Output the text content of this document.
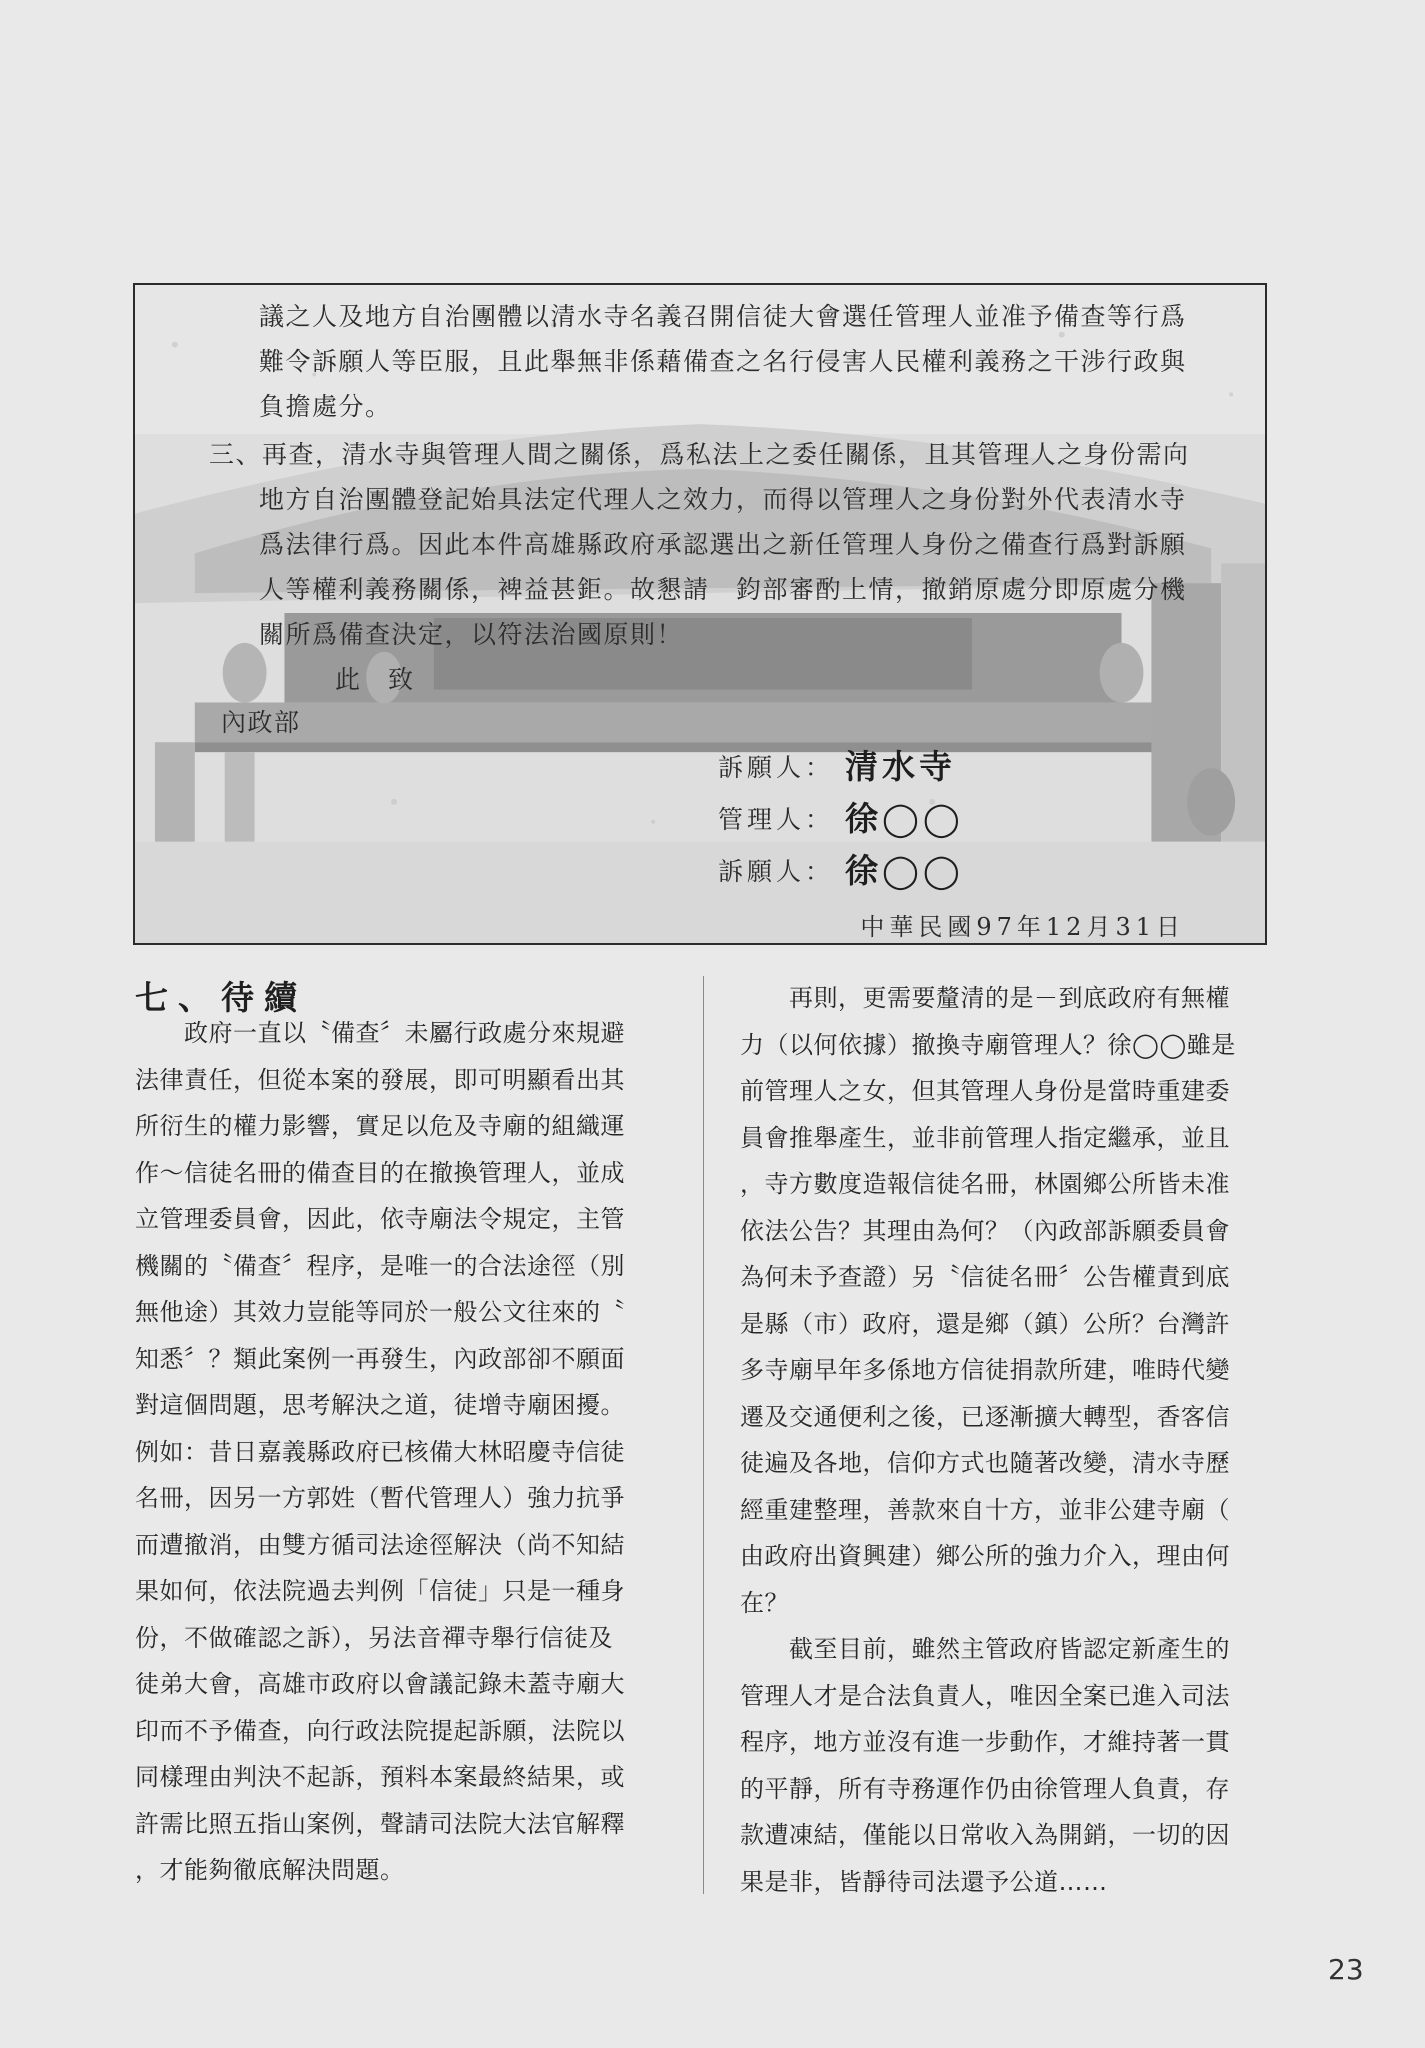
議之人及地方自治團體以清水寺名義召開信徒大會選任管理人並准予備查等行爲
難令訴願人等臣服，且此舉無非係藉備查之名行侵害人民權利義務之干涉行政與
負擔處分。
三、再查，清水寺與管理人間之關係，爲私法上之委任關係，且其管理人之身份需向
地方自治團體登記始具法定代理人之效力，而得以管理人之身份對外代表清水寺
爲法律行爲。因此本件高雄縣政府承認選出之新任管理人身份之備查行爲對訴願
人等權利義務關係，裨益甚鉅。故懇請　鈞部審酌上情，撤銷原處分即原處分機
關所爲備查決定，以符法治國原則！
此　致
內政部
訴願人： 清水寺
管理人： 徐◯◯
訴願人： 徐◯◯
中華民國97年12月31日
七、待續
　　政府一直以〝備查〞未屬行政處分來規避
法律責任，但從本案的發展，即可明顯看出其
所衍生的權力影響，實足以危及寺廟的組織運
作～信徒名冊的備查目的在撤換管理人，並成
立管理委員會，因此，依寺廟法令規定，主管
機關的〝備查〞程序，是唯一的合法途徑（別
無他途）其效力豈能等同於一般公文往來的〝
知悉〞？類此案例一再發生，內政部卻不願面
對這個問題，思考解決之道，徒增寺廟困擾。
例如：昔日嘉義縣政府已核備大林昭慶寺信徒
名冊，因另一方郭姓（暫代管理人）強力抗爭
而遭撤消，由雙方循司法途徑解決（尚不知結
果如何，依法院過去判例「信徒」只是一種身
份，不做確認之訴），另法音禪寺舉行信徒及
徒弟大會，高雄市政府以會議記錄未蓋寺廟大
印而不予備查，向行政法院提起訴願，法院以
同樣理由判決不起訴，預料本案最終結果，或
許需比照五指山案例，聲請司法院大法官解釋
，才能夠徹底解決問題。
　　再則，更需要釐清的是－到底政府有無權
力（以何依據）撤換寺廟管理人？徐◯◯雖是
前管理人之女，但其管理人身份是當時重建委
員會推舉產生，並非前管理人指定繼承，並且
，寺方數度造報信徒名冊，林園鄉公所皆未准
依法公告？其理由為何？（內政部訴願委員會
為何未予查證）另〝信徒名冊〞公告權責到底
是縣（市）政府，還是鄉（鎮）公所？台灣許
多寺廟早年多係地方信徒捐款所建，唯時代變
遷及交通便利之後，已逐漸擴大轉型，香客信
徒遍及各地，信仰方式也隨著改變，清水寺歷
經重建整理，善款來自十方，並非公建寺廟（
由政府出資興建）鄉公所的強力介入，理由何
在？
　　截至目前，雖然主管政府皆認定新產生的
管理人才是合法負責人，唯因全案已進入司法
程序，地方並沒有進一步動作，才維持著一貫
的平靜，所有寺務運作仍由徐管理人負責，存
款遭凍結，僅能以日常收入為開銷，一切的因
果是非，皆靜待司法還予公道……
23
